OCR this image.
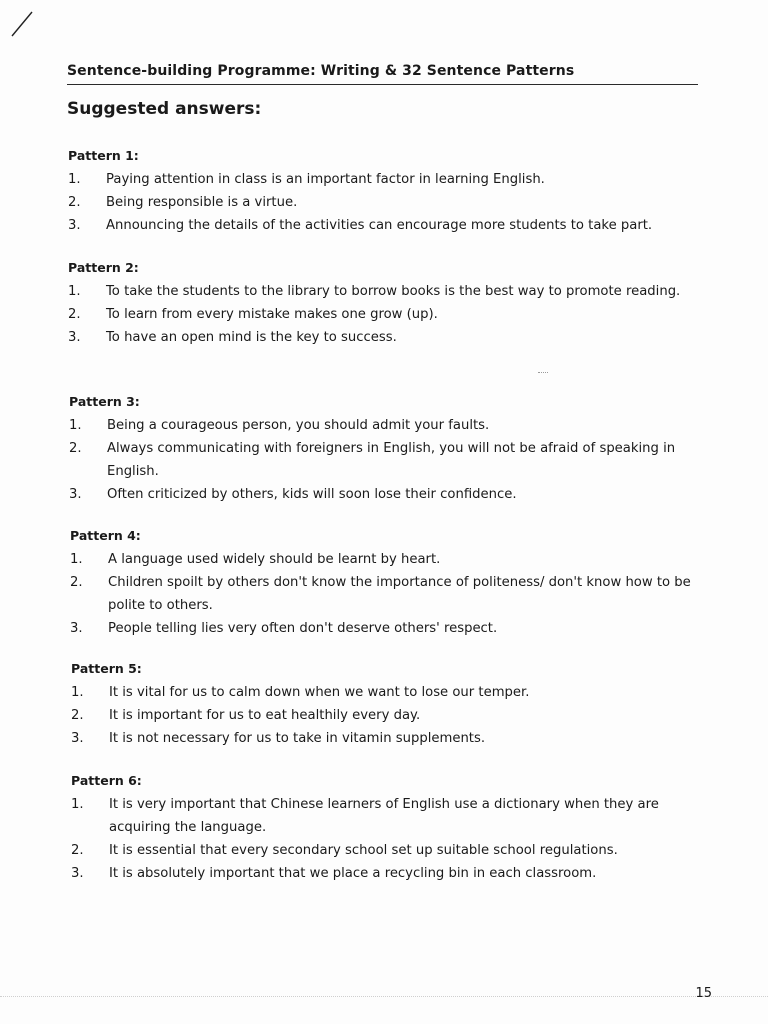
Sentence-building Programme: Writing & 32 Sentence Patterns
Suggested answers:
Pattern 1:
1.	Paying attention in class is an important factor in learning English.
2.	Being responsible is a virtue.
3.	Announcing the details of the activities can encourage more students to take part.
Pattern 2:
1.	To take the students to the library to borrow books is the best way to promote reading.
2.	To learn from every mistake makes one grow (up).
3.	To have an open mind is the key to success.
Pattern 3:
1.	Being a courageous person, you should admit your faults.
2.	Always communicating with foreigners in English, you will not be afraid of speaking in English.
3.	Often criticized by others, kids will soon lose their confidence.
Pattern 4:
1.	A language used widely should be learnt by heart.
2.	Children spoilt by others don't know the importance of politeness/ don't know how to be polite to others.
3.	People telling lies very often don't deserve others' respect.
Pattern 5:
1.	It is vital for us to calm down when we want to lose our temper.
2.	It is important for us to eat healthily every day.
3.	It is not necessary for us to take in vitamin supplements.
Pattern 6:
1.	It is very important that Chinese learners of English use a dictionary when they are acquiring the language.
2.	It is essential that every secondary school set up suitable school regulations.
3.	It is absolutely important that we place a recycling bin in each classroom.
15
